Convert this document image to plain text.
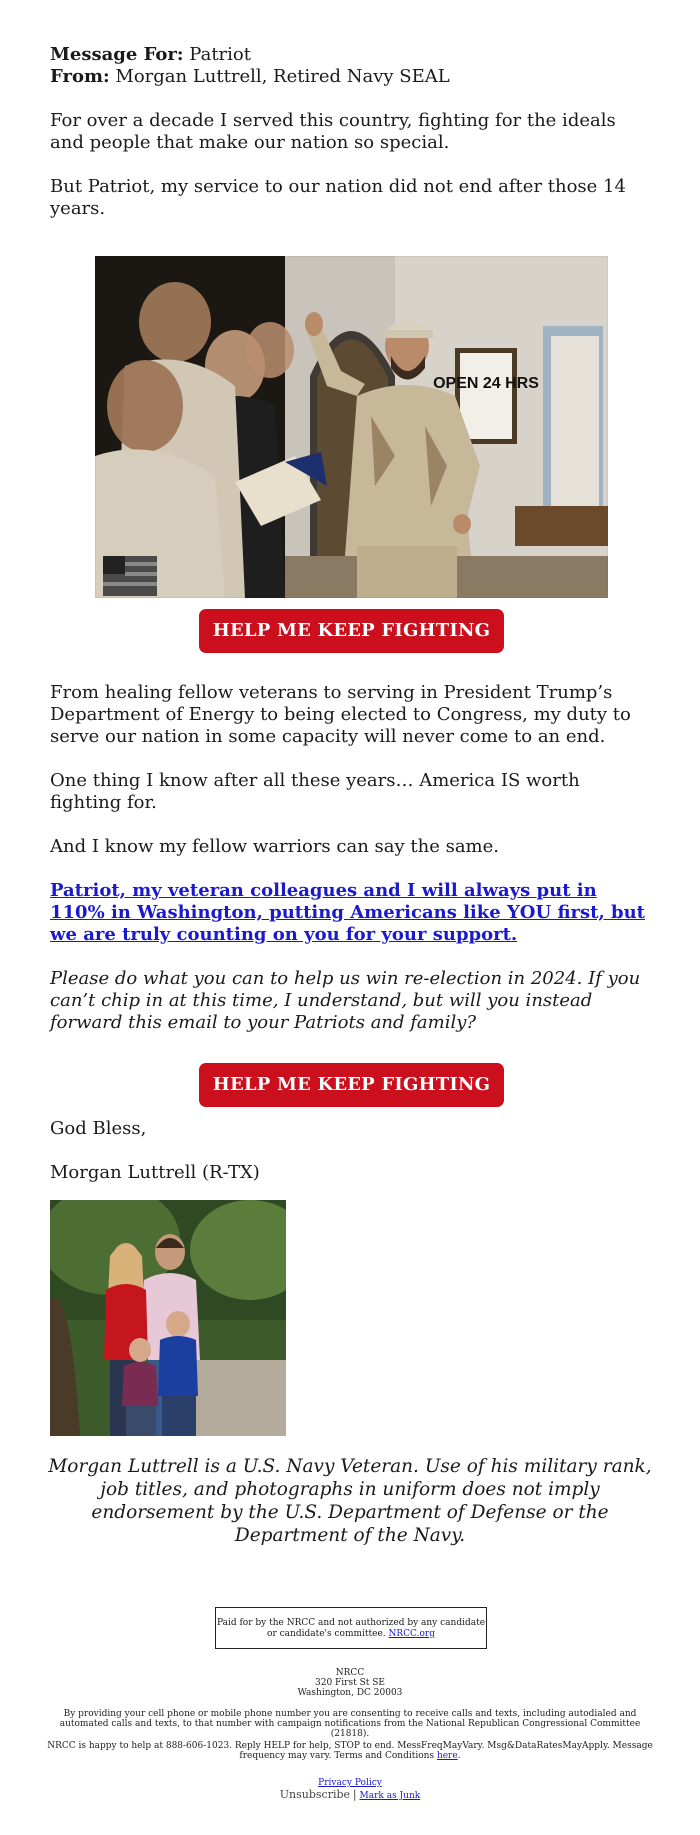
Message For: Patriot
From: Morgan Luttrell, Retired Navy SEAL

For over a decade I served this country, fighting for the ideals and people that make our nation so special.

But Patriot, my service to our nation did not end after those 14 years.

OPEN 24 HRS
HELP ME KEEP FIGHTING

From healing fellow veterans to serving in President Trump’s Department of Energy to being elected to Congress, my duty to serve our nation in some capacity will never come to an end.

One thing I know after all these years… America IS worth fighting for.

And I know my fellow warriors can say the same.

Patriot, my veteran colleagues and I will always put in 110% in Washington, putting Americans like YOU first, but we are truly counting on you for your support.

Please do what you can to help us win re-election in 2024. If you can’t chip in at this time, I understand, but will you instead forward this email to your Patriots and family?

HELP ME KEEP FIGHTING

God Bless,

Morgan Luttrell (R-TX)

Morgan Luttrell is a U.S. Navy Veteran. Use of his military rank, job titles, and photographs in uniform does not imply endorsement by the U.S. Department of Defense or the Department of the Navy.
Paid for by the NRCC and not authorized by any candidate or candidate's committee. NRCC.org
NRCC
320 First St SE
Washington, DC 20003
By providing your cell phone or mobile phone number you are consenting to receive calls and texts, including autodialed and automated calls and texts, to that number with campaign notifications from the National Republican Congressional Committee (21818).
NRCC is happy to help at 888-606-1023. Reply HELP for help, STOP to end. MessFreqMayVary. Msg&DataRatesMayApply. Message frequency may vary. Terms and Conditions here.
Privacy Policy
Unsubscribe | Mark as Junk
